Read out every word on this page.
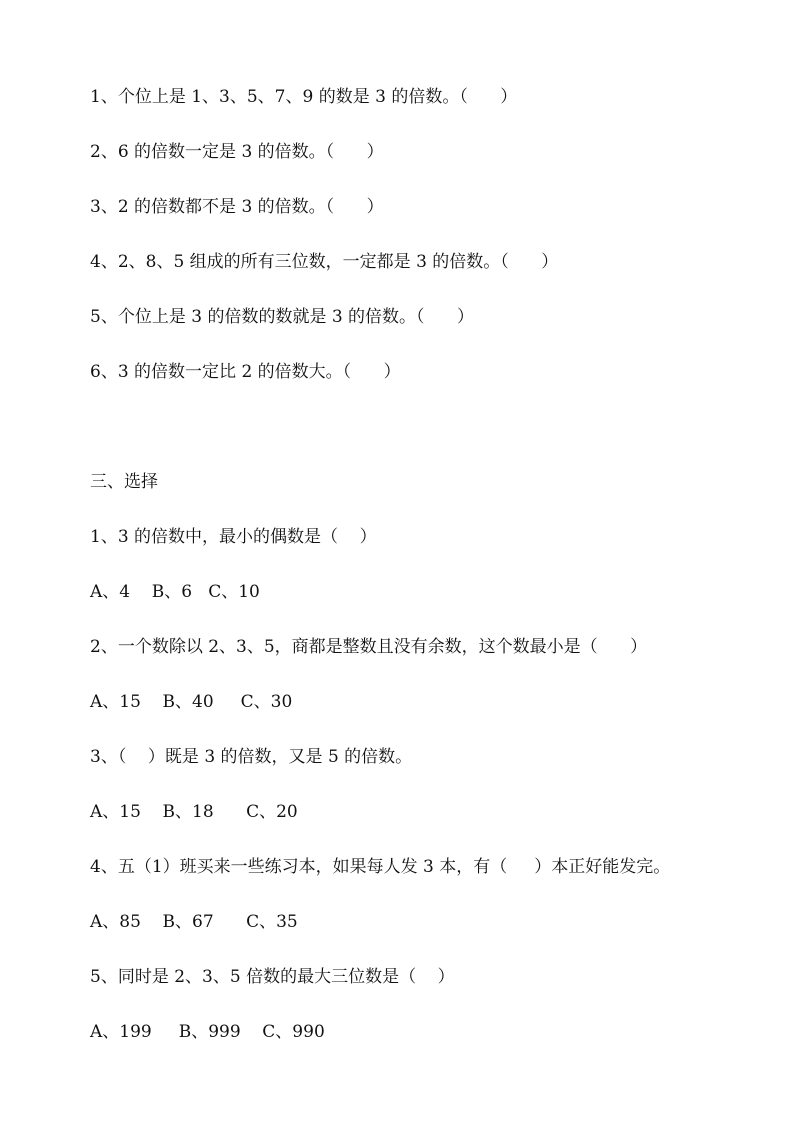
1、个位上是 1、3、5、7、9 的数是 3 的倍数。（      ）
2、6 的倍数一定是 3 的倍数。（      ）
3、2 的倍数都不是 3 的倍数。（      ）
4、2、8、5 组成的所有三位数，一定都是 3 的倍数。（      ）
5、个位上是 3 的倍数的数就是 3 的倍数。（      ）
6、3 的倍数一定比 2 的倍数大。（      ）
三、选择
1、3 的倍数中，最小的偶数是（    ）
A、4    B、6   C、10
2、一个数除以 2、3、5，商都是整数且没有余数，这个数最小是（      ）
A、15    B、40     C、30
3、（    ）既是 3 的倍数，又是 5 的倍数。
A、15    B、18      C、20
4、五（1）班买来一些练习本，如果每人发 3 本，有（     ）本正好能发完。
A、85    B、67      C、35
5、同时是 2、3、5 倍数的最大三位数是（    ）
A、199     B、999    C、990
